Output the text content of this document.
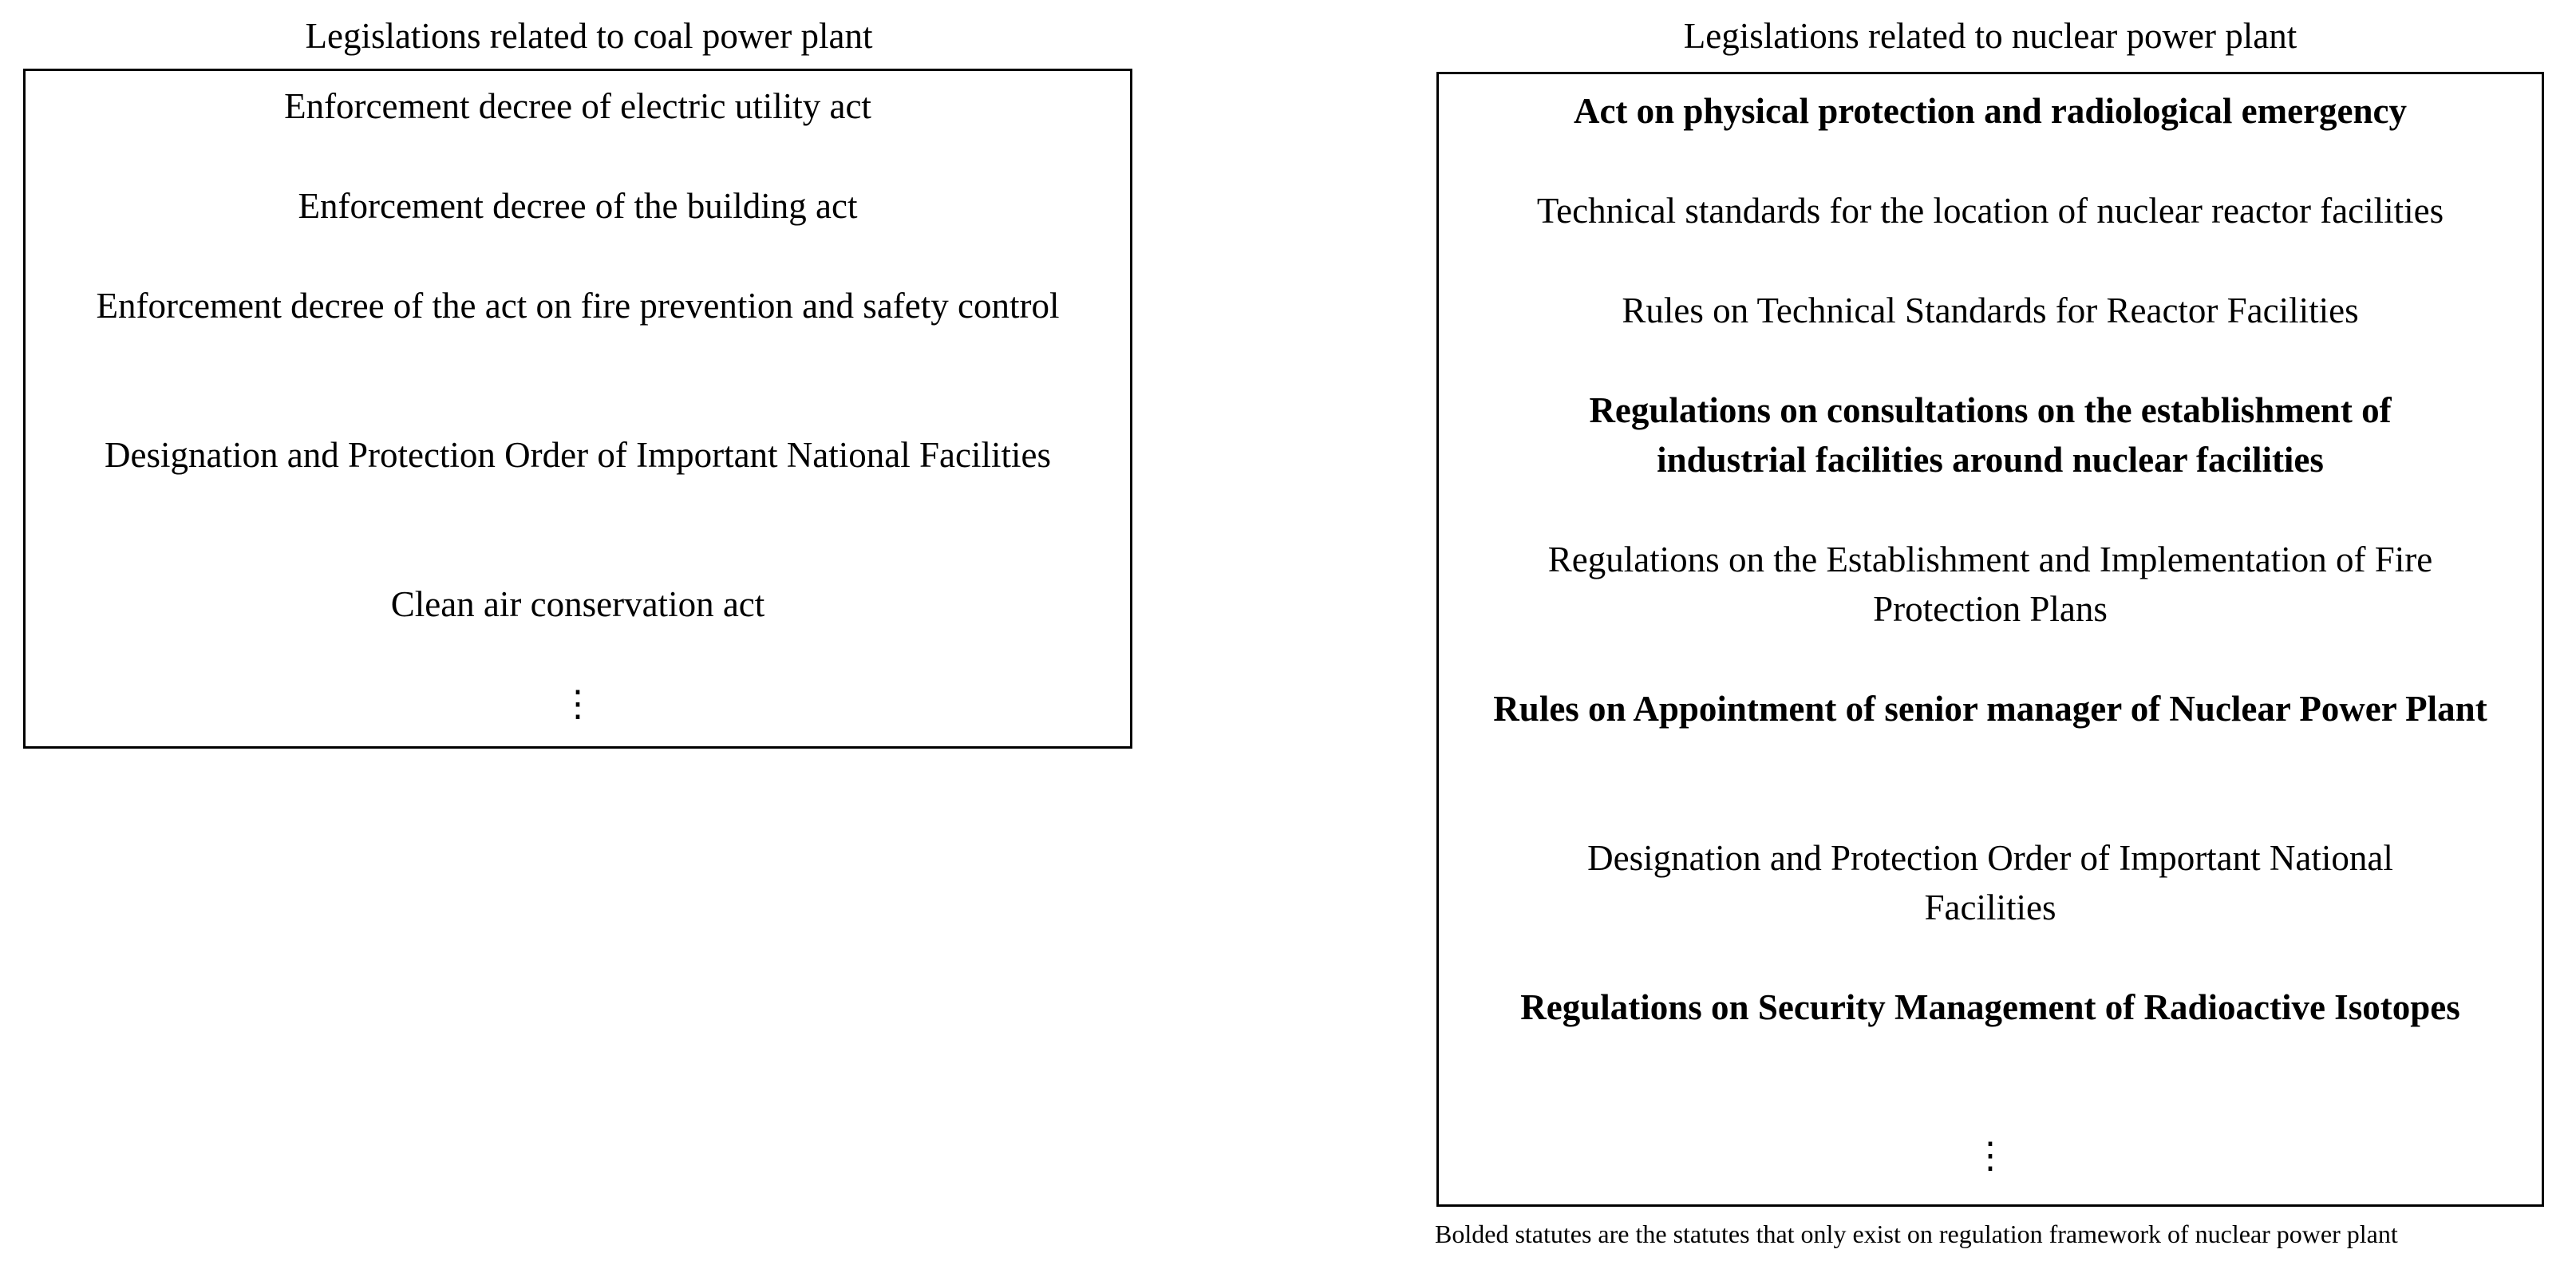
Legislations related to coal power plant
Enforcement decree of electric utility act
Enforcement decree of the building act
Enforcement decree of the act on fire prevention and safety control
Designation and Protection Order of Important National Facilities
Clean air conservation act
⋮
Legislations related to nuclear power plant
Act on physical protection and radiological emergency
Technical standards for the location of nuclear reactor facilities
Rules on Technical Standards for Reactor Facilities
Regulations on consultations on the establishment of industrial facilities around nuclear facilities
Regulations on the Establishment and Implementation of Fire Protection Plans
Rules on Appointment of senior manager of Nuclear Power Plant
Designation and Protection Order of Important National Facilities
Regulations on Security Management of Radioactive Isotopes
⋮
Bolded statutes are the statutes that only exist on regulation framework of nuclear power plant
